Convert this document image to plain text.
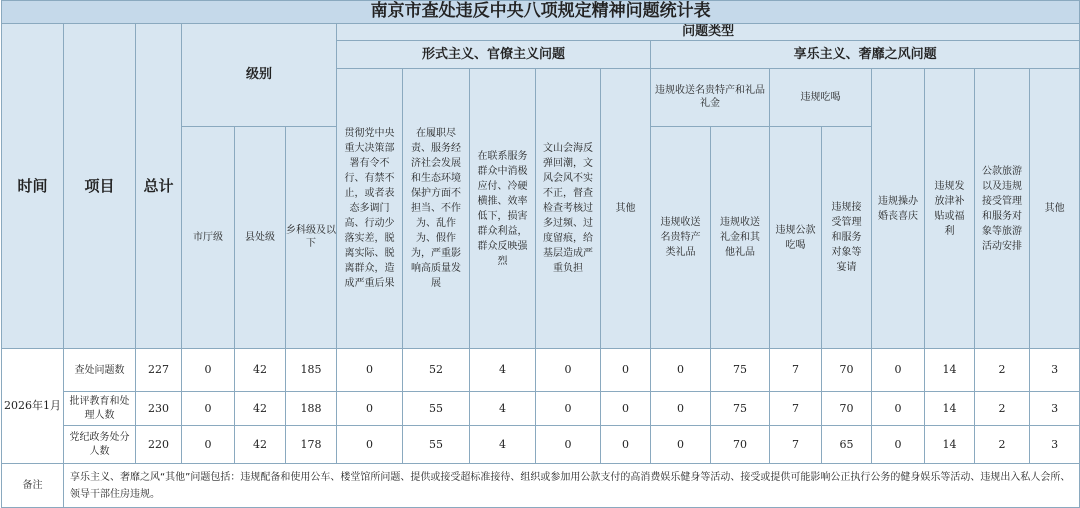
南京市查处违反中央八项规定精神问题统计表																		
时间	项目	总计	级别			问题类型												
						形式主义、官僚主义问题					享乐主义、奢靡之风问题							
						贯彻党中央重大决策部署有令不行、有禁不止，或者表态多调门高、行动少落实差，脱离实际、脱离群众，造成严重后果	在履职尽责、服务经济社会发展和生态环境保护方面不担当、不作为、乱作为、假作为，严重影响高质量发展	在联系服务群众中消极应付、冷硬横推、效率低下，损害群众利益，群众反映强烈	文山会海反弹回潮，文风会风不实不正，督查检查考核过多过频、过度留痕，给基层造成严重负担	其他	违规收送名贵特产和礼品礼金		违规吃喝		违规操办婚丧喜庆	违规发放津补贴或福利	公款旅游以及违规接受管理和服务对象等旅游活动安排	其他
			市厅级	县处级	乡科级及以下						违规收送名贵特产类礼品	违规收送礼金和其他礼品	违规公款吃喝	违规接受管理和服务对象等宴请				

2026年1月	查处问题数	227	0	42	185	0	52	4	0	0	0	75	7	70	0	14	2	3
	批评教育和处理人数	230	0	42	188	0	55	4	0	0	0	75	7	70	0	14	2	3
	党纪政务处分人数	220	0	42	178	0	55	4	0	0	0	70	7	65	0	14	2	3
备注	享乐主义、奢靡之风“其他”问题包括：违规配备和使用公车、楼堂馆所问题、提供或接受超标准接待、组织或参加用公款支付的高消费娱乐健身等活动、接受或提供可能影响公正执行公务的健身娱乐等活动、违规出入私人会所、领导干部住房违规。																	
